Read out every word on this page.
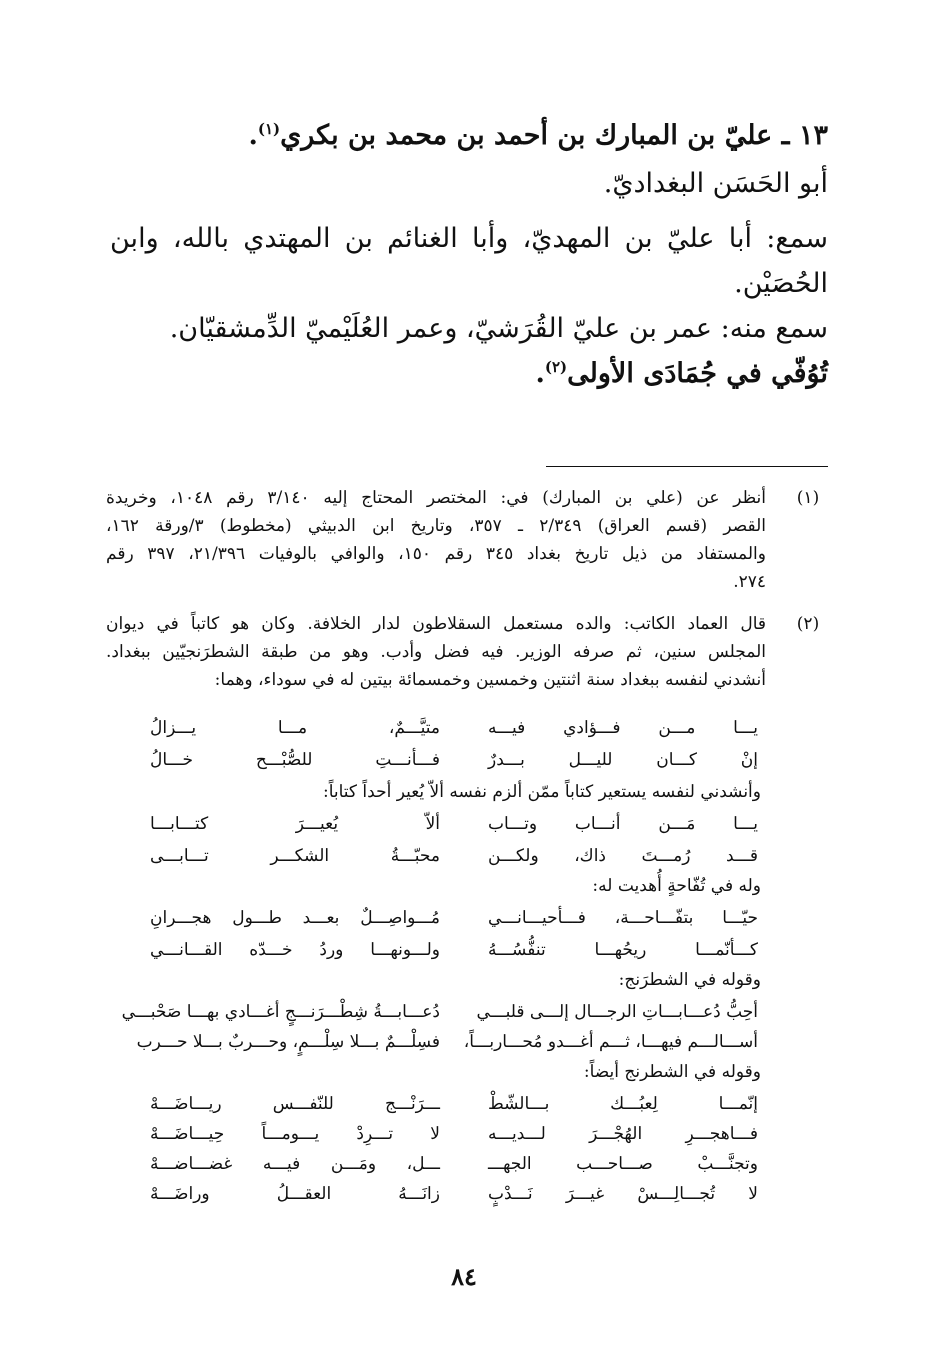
١٣ ـ عليّ بن المبارك بن أحمد بن محمد بن بكري$^{(١)}$.
أبو الحَسَن البغداديّ.
سمع: أبا عليّ بن المهديّ، وأبا الغنائم بن المهتدي بالله، وابن
الحُصَيْن.
سمع منه: عمر بن عليّ القُرَشيّ، وعمر العُلَيْميّ الدِّمشقيّان.
تُوُفّي في جُمَادَى الأولى$^{(٢)}$.
(١)
أنظر عن (علي بن المبارك) في: المختصر المحتاج إليه ٣/١٤٠ رقم ١٠٤٨، وخريدة
القصر (قسم العراق) ٢/٣٤٩ ـ ٣٥٧، وتاريخ ابن الدبيثي (مخطوط) ٣/ورقة ١٦٢،
والمستفاد من ذيل تاريخ بغداد ٣٤٥ رقم ١٥٠، والوافي بالوفيات ٢١/٣٩٦، ٣٩٧ رقم
٢٧٤.
(٢)
قال العماد الكاتب: والده مستعمل السقلاطون لدار الخلافة. وكان هو كاتباً في ديوان
المجلس سنين، ثم صرفه الوزير. فيه فضل وأدب. وهو من طبقة الشطرَنجيّين ببغداد.
أنشدني لنفسه ببغداد سنة اثنتين وخمسين وخمسمائة بيتين له في سوداء، وهما:
يـــا مـــن فـــؤادي فيـــه
متيَّـــمٌ، مـــا يـــزالُ
إنْ كـــان لليـــل بـــدرٌ
فـــأنـــتِ للصُّبْـــح خـــالُ
وأنشدني لنفسه يستعير كتاباً ممّن ألزم نفسه ألاّ يُعير أحداً كتاباً:
يـــا مَـــن أنـــاب وتـــاب
ألاّ يُعيـــرَ كتـــابـــا
قـــد رُمـــتَ ذاك، ولكـــن
محبّـــةُ الشكـــر تـــابـــى
وله في تُفّاحةٍ أُهديت له:
حيّـــا بتفّـــاحـــة، فـــأحيـــانـــي
مُـــواصِـــلٌ بعـــد طـــول هجـــرانِ
كـــأنّمـــا ريحُهـــا تنفُّسُـــهُ
ولـــونهـــا وردُ خـــدّه القـــانـــي
وقوله في الشطرَنج:
أحِبُّ دُعـــابـــاتِ الرجـــال إلـــى قلبـــي
دُعـــابـــةُ شِطْـــرَنـــجٍ أغـــادي بهـــا صَحْبـــي
أســـالـــم فيهـــا، ثـــم أغـــدو مُحـــاربـــاً،
فسِلْـــمٌ بـــلا سِلْـــمٍ، وحـــربٌ بـــلا حـــرب
وقوله في الشطرنج أيضاً:
إنّمـــا لِعبُـــك بـــالشّطْ
ـــرَنْـــج للنّفـــس ريـــاضَـــهْ
فـــاهجـــرِ الهُجْـــرَ لـــديـــه
لا تـــرِدْ يـــومـــاً حِيـــاضَـــهْ
وتجنَّـــبْ صـــاحـــب الجهـــ
ـــل، ومَـــن فيـــه غضـــاضـــهْ
لا تُجـــالِـــسْ غيـــرَ نَـــدْبٍ
زانَـــهُ العقـــلُ وراضَـــهْ
٨٤
